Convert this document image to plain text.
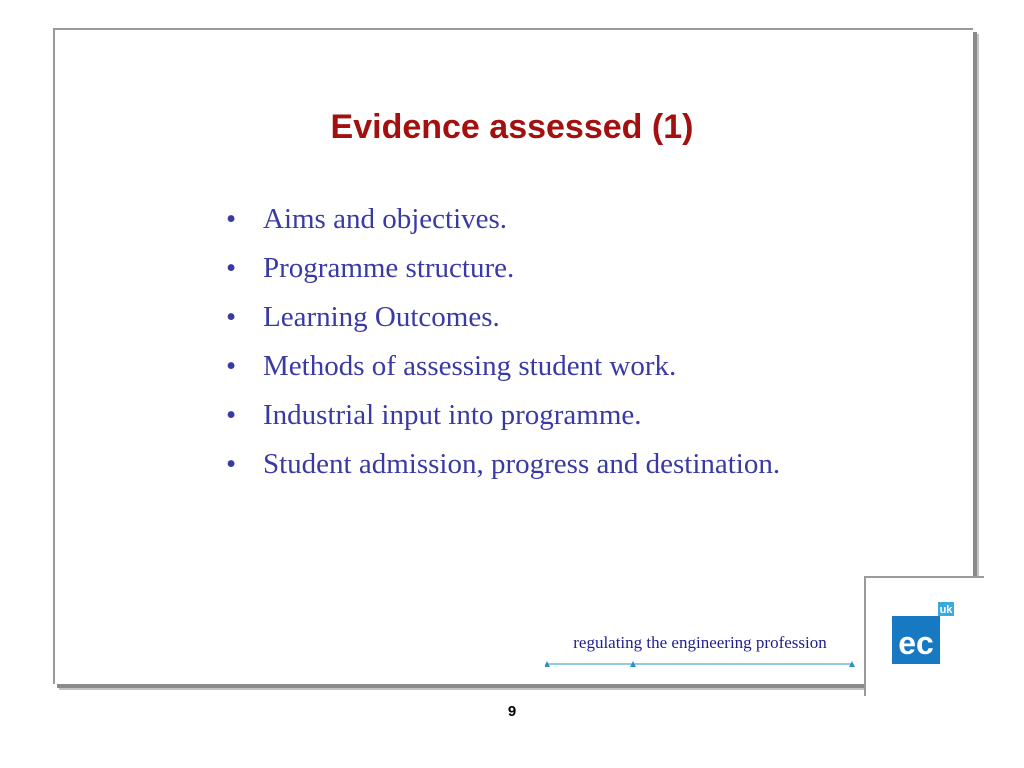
Evidence assessed (1)
• Aims and objectives.
• Programme structure.
• Learning Outcomes.
• Methods of assessing student work.
• Industrial input into programme.
• Student admission, progress and destination.
regulating the engineering profession	ec
uk
9
